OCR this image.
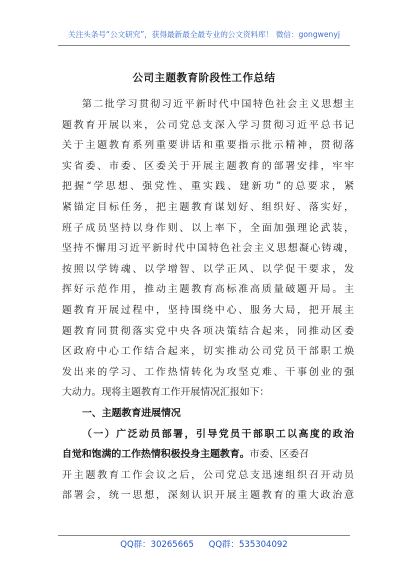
关注头条号“公文研究”，获得最新最全最专业的公文资料库！ 微信：gongwenyj
公司主题教育阶段性工作总结
第二批学习贯彻习近平新时代中国特色社会主义思想主
题教育开展以来，公司党总支深入学习贯彻习近平总书记
关于主题教育系列重要讲话和重要指示批示精神，贯彻落
实省委、市委、区委关于开展主题教育的部署安排，牢牢
把握“学思想、强党性、重实践、建新功”的总要求，紧
紧锚定目标任务，把主题教育谋划好、组织好、落实好，
班子成员坚持以身作则、以上率下，全面加强理论武装，
坚持不懈用习近平新时代中国特色社会主义思想凝心铸魂，
按照以学铸魂、以学增智、以学正风、以学促干要求，发
挥好示范作用，推动主题教育高标准高质量破题开局。主
题教育开展过程中，坚持围绕中心、服务大局，把开展主
题教育同贯彻落实党中央各项决策结合起来，同推动区委
区政府中心工作结合起来，切实推动公司党员干部职工焕
发出来的学习、工作热情转化为攻坚克难、干事创业的强
大动力。现将主题教育工作开展情况汇报如下：
一、主题教育进展情况
（一）广泛动员部署，引导党员干部职工以高度的政治
自觉和饱满的工作热情积极投身主题教育。市委、区委召
开主题教育工作会议之后，公司党总支迅速组织召开动员
部署会，统一思想，深刻认识开展主题教育的重大政治意
QQ群：30265665 QQ群：535304092
